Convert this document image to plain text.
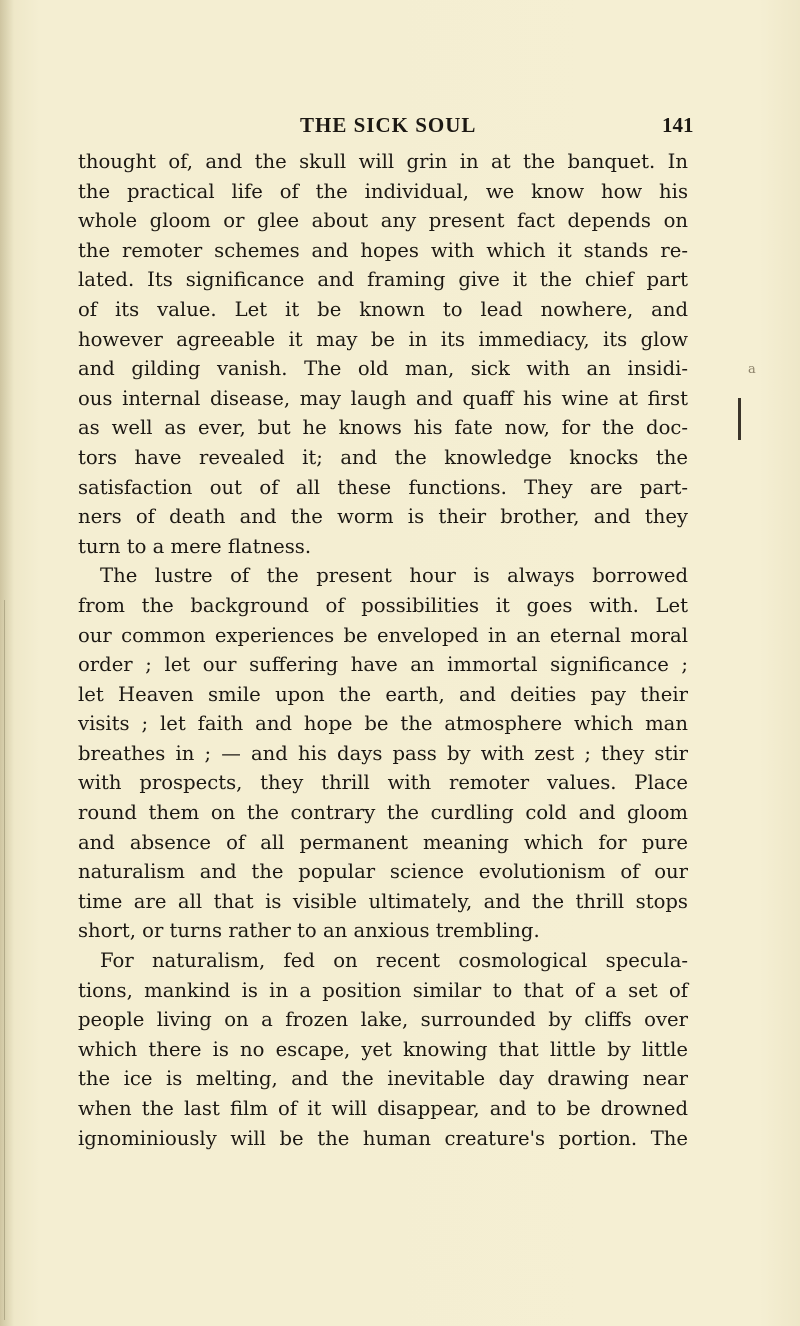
THE SICK SOUL	141
thought of, and the skull will grin in at the banquet. In
the practical life of the individual, we know how his
whole gloom or glee about any present fact depends on
the remoter schemes and hopes with which it stands re-
lated. Its significance and framing give it the chief part
of its value. Let it be known to lead nowhere, and
however agreeable it may be in its immediacy, its glow
and gilding vanish. The old man, sick with an insidi-
ous internal disease, may laugh and quaff his wine at first
as well as ever, but he knows his fate now, for the doc-
tors have revealed it; and the knowledge knocks the
satisfaction out of all these functions. They are part-
ners of death and the worm is their brother, and they
turn to a mere flatness.
The lustre of the present hour is always borrowed
from the background of possibilities it goes with. Let
our common experiences be enveloped in an eternal moral
order ; let our suffering have an immortal significance ;
let Heaven smile upon the earth, and deities pay their
visits ; let faith and hope be the atmosphere which man
breathes in ; — and his days pass by with zest ; they stir
with prospects, they thrill with remoter values. Place
round them on the contrary the curdling cold and gloom
and absence of all permanent meaning which for pure
naturalism and the popular science evolutionism of our
time are all that is visible ultimately, and the thrill stops
short, or turns rather to an anxious trembling.
For naturalism, fed on recent cosmological specula-
tions, mankind is in a position similar to that of a set of
people living on a frozen lake, surrounded by cliffs over
which there is no escape, yet knowing that little by little
the ice is melting, and the inevitable day drawing near
when the last film of it will disappear, and to be drowned
ignominiously will be the human creature's portion. The
a
